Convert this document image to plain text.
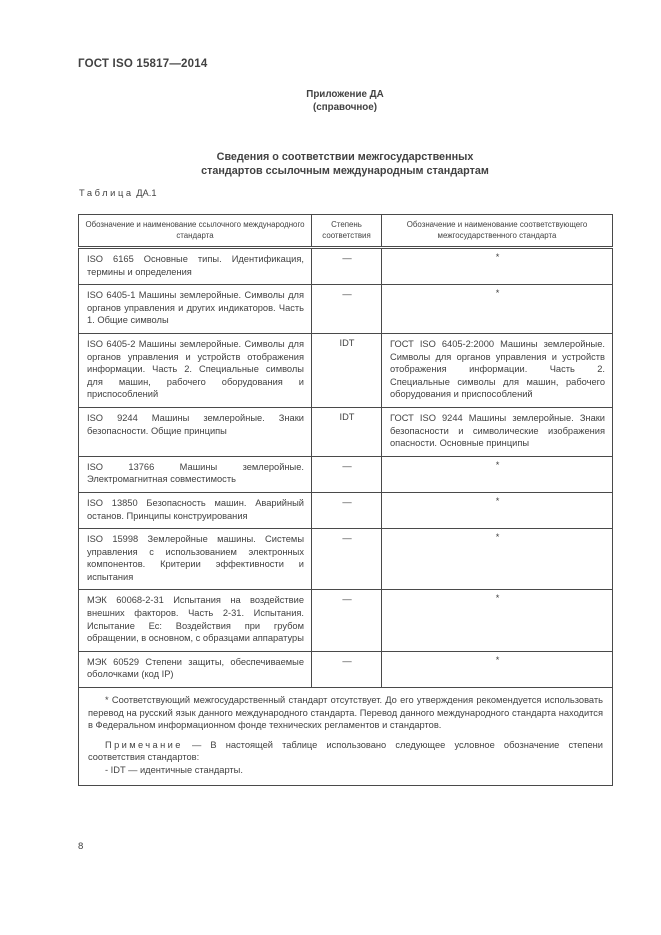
ГОСТ ISO 15817—2014
Приложение ДА
(справочное)
Сведения о соответствии межгосударственных
стандартов ссылочным международным стандартам
Таблица ДА.1
Обозначение и наименование ссылочного международного стандарта	Степень соответствия	Обозначение и наименование соответствующего межгосударственного стандарта
ISO 6165 Основные типы. Идентификация, термины и определения	—	*
ISO 6405-1 Машины землеройные. Символы для органов управления и других индикаторов. Часть 1. Общие символы	—	*
ISO 6405-2 Машины землеройные. Символы для органов управления и устройств отображения информации. Часть 2. Специальные символы для машин, рабочего оборудования и приспособлений	IDT	ГОСТ ISO 6405-2:2000 Машины землеройные. Символы для органов управления и устройств отображения информации. Часть 2. Специальные символы для машин, рабочего оборудования и приспособлений
ISO 9244 Машины землеройные. Знаки безопасности. Общие принципы	IDT	ГОСТ ISO 9244 Машины землеройные. Знаки безопасности и символические изображения опасности. Основные принципы
ISO 13766 Машины землеройные. Электромагнитная совместимость	—	*
ISO 13850 Безопасность машин. Аварийный останов. Принципы конструирования	—	*
ISO 15998 Землеройные машины. Системы управления с использованием электронных компонентов. Критерии эффективности и испытания	—	*
МЭК 60068-2-31 Испытания на воздействие внешних факторов. Часть 2-31. Испытания. Испытание Ес: Воздействия при грубом обращении, в основном, с образцами аппаратуры	—	*
МЭК 60529 Степени защиты, обеспечиваемые оболочками (код IP)	—	*

* Соответствующий межгосударственный стандарт отсутствует. До его утверждения рекомендуется использовать перевод на русский язык данного международного стандарта. Перевод данного международного стандарта находится в Федеральном информационном фонде технических регламентов и стандартов.

Примечание — В настоящей таблице использовано следующее условное обозначение степени соответствия стандартов:

- IDT — идентичные стандарты.		

8
